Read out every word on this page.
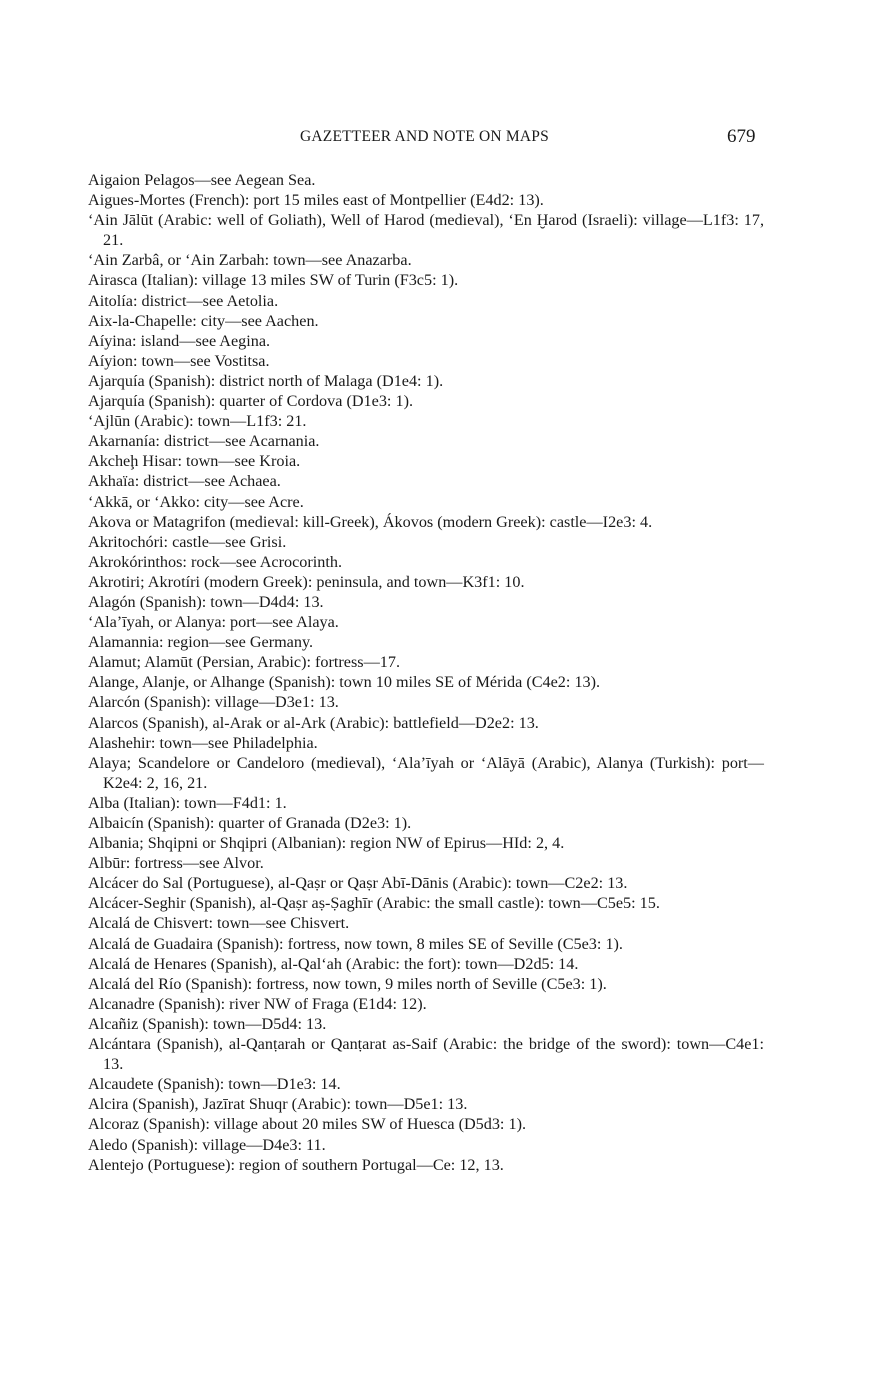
GAZETTEER AND NOTE ON MAPS	679
Aigaion Pelagos—see Aegean Sea.
Aigues-Mortes (French): port 15 miles east of Montpellier (E4d2: 13).
‘Ain Jālūt (Arabic: well of Goliath), Well of Harod (medieval), ‘En Ḫarod (Israeli): village—L1f3: 17, 21.
‘Ain Zarbâ, or ‘Ain Zarbah: town—see Anazarba.
Airasca (Italian): village 13 miles SW of Turin (F3c5: 1).
Aitolía: district—see Aetolia.
Aix-la-Chapelle: city—see Aachen.
Aíyina: island—see Aegina.
Aíyion: town—see Vostitsa.
Ajarquía (Spanish): district north of Malaga (D1e4: 1).
Ajarquía (Spanish): quarter of Cordova (D1e3: 1).
‘Ajlūn (Arabic): town—L1f3: 21.
Akarnanía: district—see Acarnania.
Akcheḩ Hisar: town—see Kroia.
Akhaïa: district—see Achaea.
‘Akkā, or ‘Akko: city—see Acre.
Akova or Matagrifon (medieval: kill-Greek), Ákovos (modern Greek): castle—I2e3: 4.
Akritochóri: castle—see Grisi.
Akrokórinthos: rock—see Acrocorinth.
Akrotiri; Akrotíri (modern Greek): peninsula, and town—K3f1: 10.
Alagón (Spanish): town—D4d4: 13.
‘Ala’īyah, or Alanya: port—see Alaya.
Alamannia: region—see Germany.
Alamut; Alamūt (Persian, Arabic): fortress—17.
Alange, Alanje, or Alhange (Spanish): town 10 miles SE of Mérida (C4e2: 13).
Alarcón (Spanish): village—D3e1: 13.
Alarcos (Spanish), al-Arak or al-Ark (Arabic): battlefield—D2e2: 13.
Alashehir: town—see Philadelphia.
Alaya; Scandelore or Candeloro (medieval), ‘Ala’īyah or ‘Alāyā (Arabic), Alanya (Turkish): port—K2e4: 2, 16, 21.
Alba (Italian): town—F4d1: 1.
Albaicín (Spanish): quarter of Granada (D2e3: 1).
Albania; Shqipni or Shqipri (Albanian): region NW of Epirus—HId: 2, 4.
Albūr: fortress—see Alvor.
Alcácer do Sal (Portuguese), al-Qaṣr or Qaṣr Abī-Dānis (Arabic): town—C2e2: 13.
Alcácer-Seghir (Spanish), al-Qaṣr aṣ-Ṣaghīr (Arabic: the small castle): town—C5e5: 15.
Alcalá de Chisvert: town—see Chisvert.
Alcalá de Guadaira (Spanish): fortress, now town, 8 miles SE of Seville (C5e3: 1).
Alcalá de Henares (Spanish), al-Qal‘ah (Arabic: the fort): town—D2d5: 14.
Alcalá del Río (Spanish): fortress, now town, 9 miles north of Seville (C5e3: 1).
Alcanadre (Spanish): river NW of Fraga (E1d4: 12).
Alcañiz (Spanish): town—D5d4: 13.
Alcántara (Spanish), al-Qanṭarah or Qanṭarat as-Saif (Arabic: the bridge of the sword): town—C4e1: 13.
Alcaudete (Spanish): town—D1e3: 14.
Alcira (Spanish), Jazīrat Shuqr (Arabic): town—D5e1: 13.
Alcoraz (Spanish): village about 20 miles SW of Huesca (D5d3: 1).
Aledo (Spanish): village—D4e3: 11.
Alentejo (Portuguese): region of southern Portugal—Ce: 12, 13.
